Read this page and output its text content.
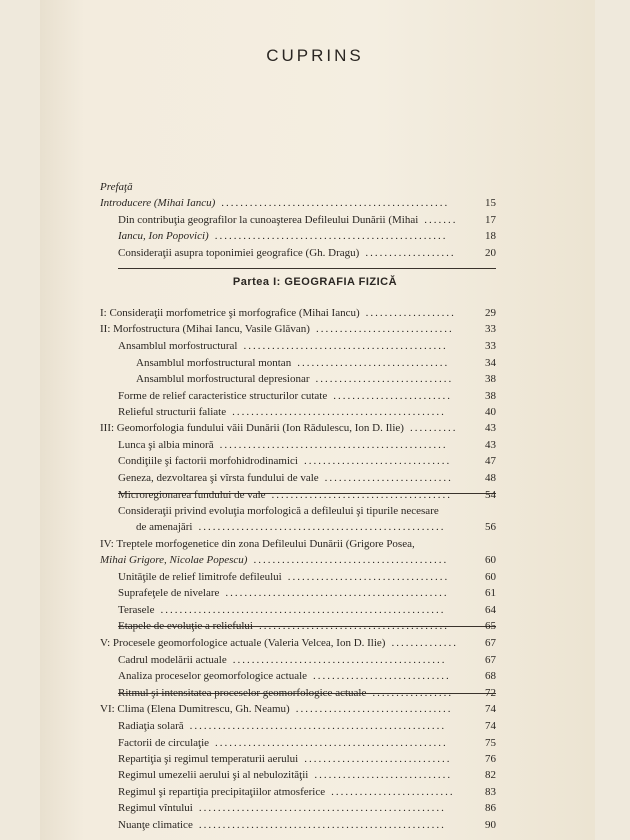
CUPRINS
Partea I: GEOGRAFIA FIZICĂ
Prefaţă
Introducere (Mihai Iancu) ................................................	15
Din contribuţia geografilor la cunoaşterea Defileului Dunării (Mihai .......	17
Iancu, Ion Popovici) .................................................	18
Consideraţii asupra toponimiei geografice (Gh. Dragu) ...................	20
I: Consideraţii morfometrice şi morfografice (Mihai Iancu) ...................	29
II: Morfostructura (Mihai Iancu, Vasile Glăvan) .............................	33
Ansamblul morfostructural ...........................................	33
Ansamblul morfostructural montan ................................	34
Ansamblul morfostructural depresionar .............................	38
Forme de relief caracteristice structurilor cutate .........................	38
Relieful structurii faliate .............................................	40
III: Geomorfologia fundului văii Dunării (Ion Rădulescu, Ion D. Ilie) ..........	43
Lunca şi albia minoră ................................................	43
Condiţiile şi factorii morfohidrodinamici ...............................	47
Geneza, dezvoltarea şi vîrsta fundului de vale ...........................	48
Microregionarea fundului de vale ......................................	54
Consideraţii privind evoluţia morfologică a defileului şi tipurile necesare
de amenajări ....................................................	56
IV: Treptele morfogenetice din zona Defileului Dunării (Grigore Posea,
Mihai Grigore, Nicolae Popescu) .........................................	60
Unităţile de relief limitrofe defileului ..................................	60
Suprafeţele de nivelare ...............................................	61
Terasele ............................................................	64
Etapele de evoluţie a reliefului ........................................	65
V: Procesele geomorfologice actuale (Valeria Velcea, Ion D. Ilie) ..............	67
Cadrul modelării actuale .............................................	67
Analiza proceselor geomorfologice actuale .............................	68
Ritmul şi intensitatea proceselor geomorfologice actuale .................	72
VI: Clima (Elena Dumitrescu, Gh. Neamu) .................................	74
Radiaţia solară ......................................................	74
Factorii de circulaţie .................................................	75
Repartiţia şi regimul temperaturii aerului ...............................	76
Regimul umezelii aerului şi al nebulozităţii .............................	82
Regimul şi repartiţia precipitaţiilor atmosferice ..........................	83
Regimul vîntului ....................................................	86
Nuanţe climatice ....................................................	90
